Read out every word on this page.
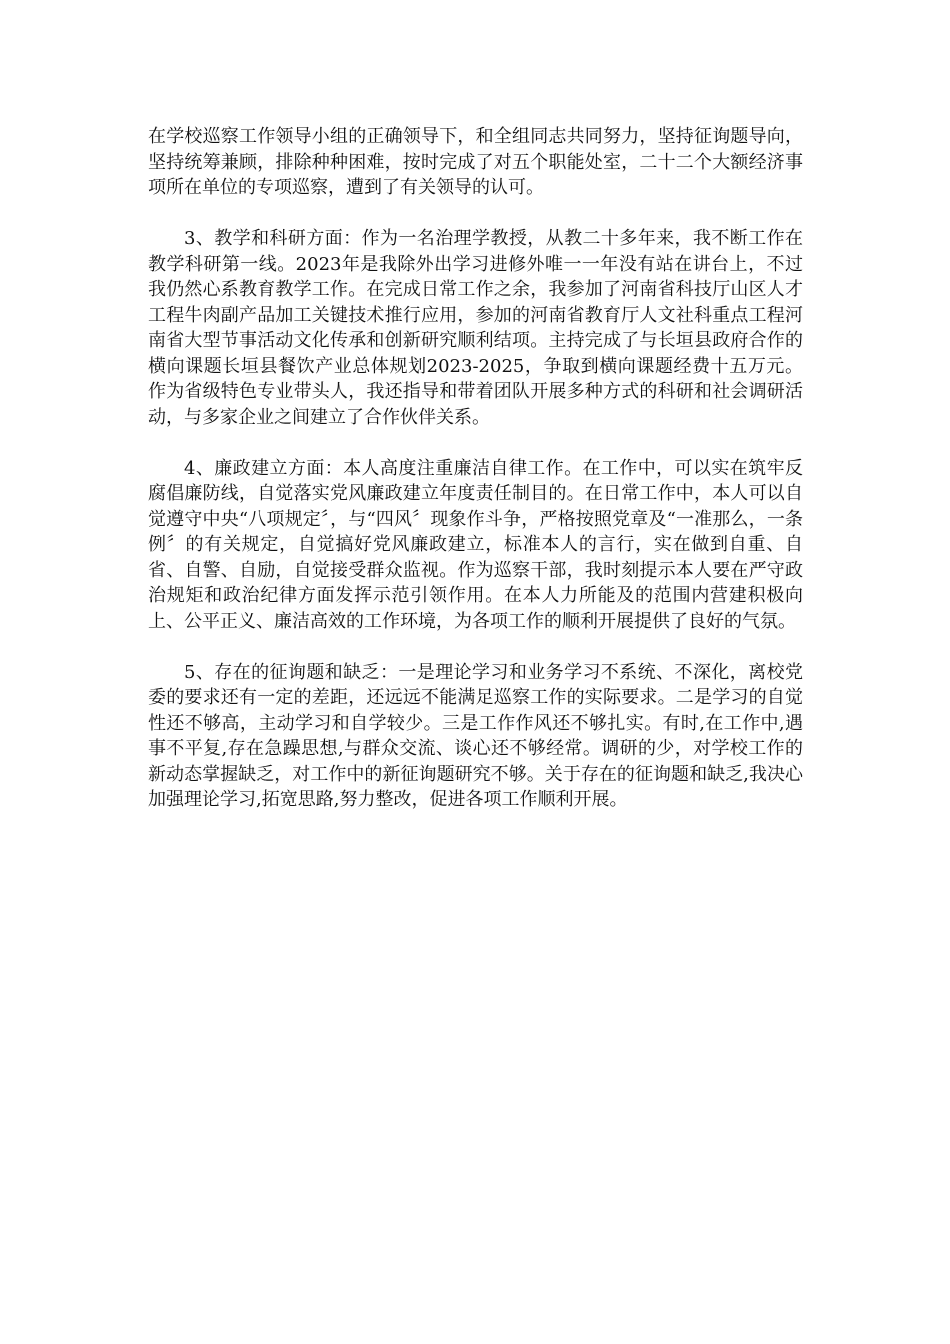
在学校巡察工作领导小组的正确领导下，和全组同志共同努力，坚持征询题导向，坚持统筹兼顾，排除种种困难，按时完成了对五个职能处室，二十二个大额经济事项所在单位的专项巡察，遭到了有关领导的认可。

3、教学和科研方面：作为一名治理学教授，从教二十多年来，我不断工作在教学科研第一线。2023年是我除外出学习进修外唯一一年没有站在讲台上，不过我仍然心系教育教学工作。在完成日常工作之余，我参加了河南省科技厅山区人才工程牛肉副产品加工关键技术推行应用，参加的河南省教育厅人文社科重点工程河南省大型节事活动文化传承和创新研究顺利结项。主持完成了与长垣县政府合作的横向课题长垣县餐饮产业总体规划2023-2025，争取到横向课题经费十五万元。作为省级特色专业带头人，我还指导和带着团队开展多种方式的科研和社会调研活动，与多家企业之间建立了合作伙伴关系。

4、廉政建立方面：本人高度注重廉洁自律工作。在工作中，可以实在筑牢反腐倡廉防线，自觉落实党风廉政建立年度责任制目的。在日常工作中，本人可以自觉遵守中央“八项规定〞，与“四风〞现象作斗争，严格按照党章及“一准那么，一条例〞的有关规定，自觉搞好党风廉政建立，标准本人的言行，实在做到自重、自省、自警、自励，自觉接受群众监视。作为巡察干部，我时刻提示本人要在严守政治规矩和政治纪律方面发挥示范引领作用。在本人力所能及的范围内营建积极向上、公平正义、廉洁高效的工作环境，为各项工作的顺利开展提供了良好的气氛。

5、存在的征询题和缺乏：一是理论学习和业务学习不系统、不深化，离校党委的要求还有一定的差距，还远远不能满足巡察工作的实际要求。二是学习的自觉性还不够高，主动学习和自学较少。三是工作作风还不够扎实。有时,在工作中,遇事不平复,存在急躁思想,与群众交流、谈心还不够经常。调研的少，对学校工作的新动态掌握缺乏，对工作中的新征询题研究不够。关于存在的征询题和缺乏,我决心加强理论学习,拓宽思路,努力整改，促进各项工作顺利开展。
